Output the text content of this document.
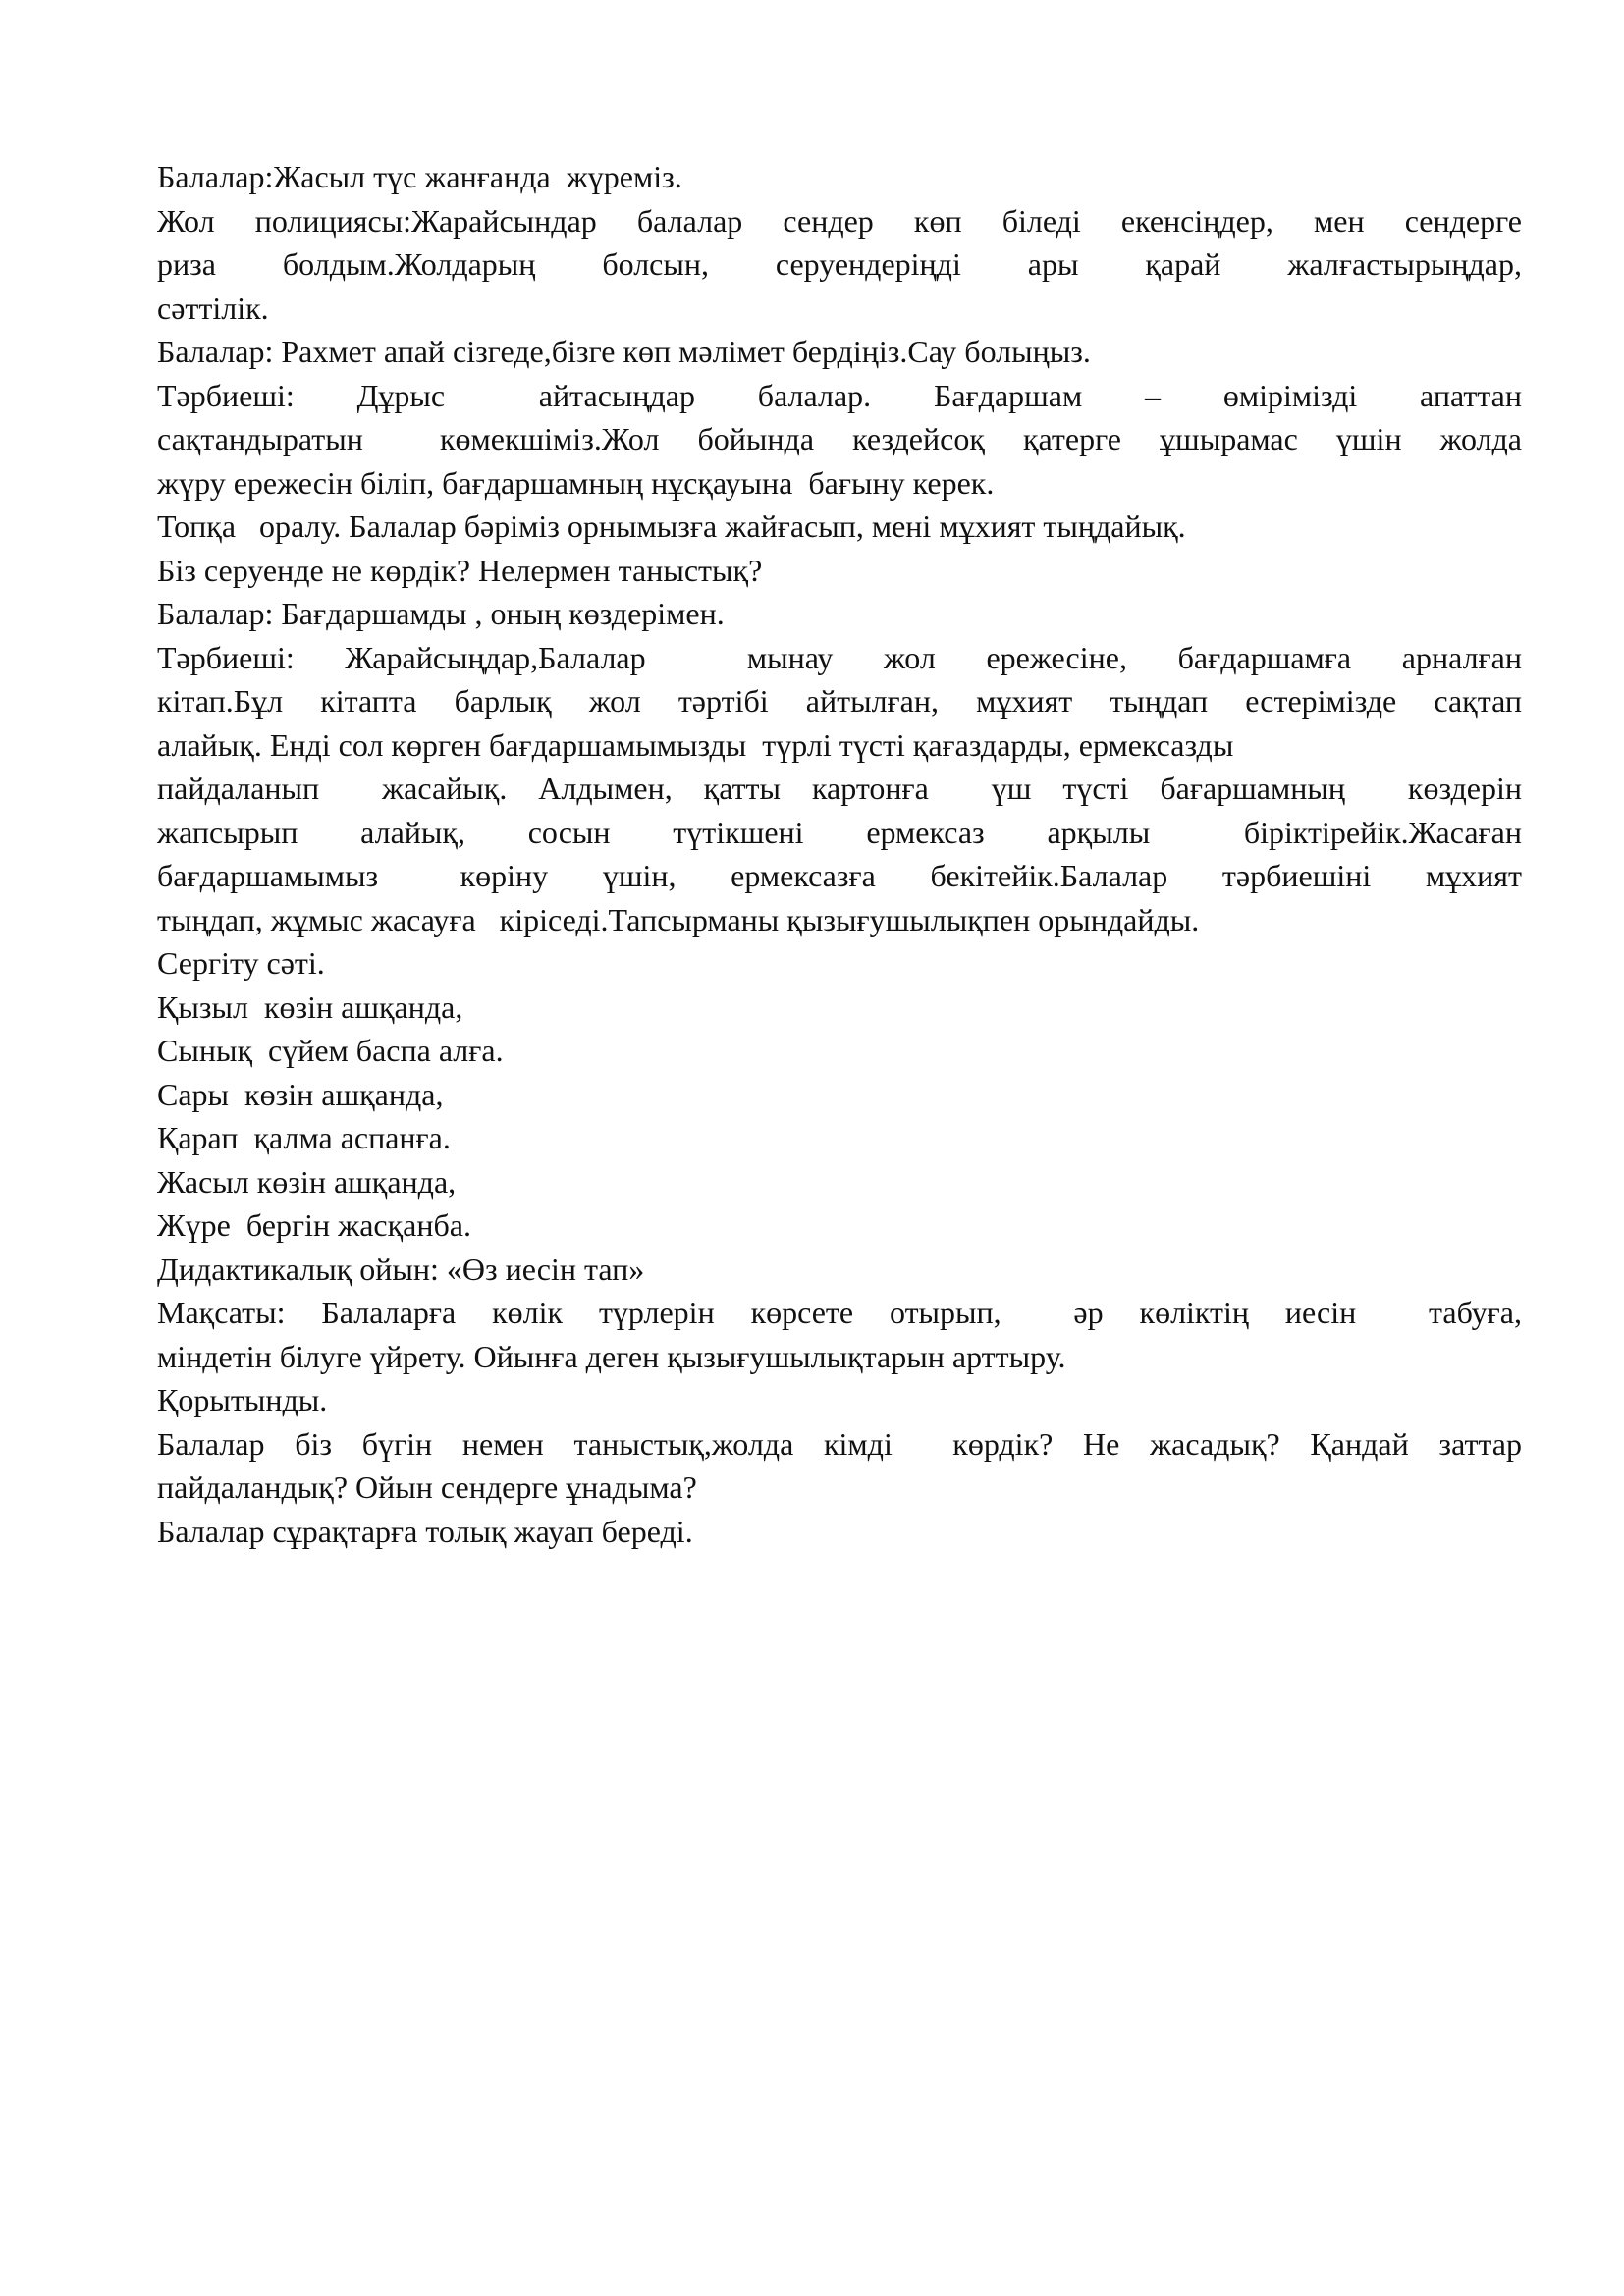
Балалар:Жасыл түс жанғанда  жүреміз.
Жол полициясы:Жарайсындар балалар сендер көп біледі екенсіңдер, мен сендерге
риза  болдым.Жолдарың  болсын,  серуендеріңді  ары  қарай  жалғастырыңдар,
сәттілік.
Балалар: Рахмет апай сізгеде,бізге көп мәлімет бердіңіз.Сау болыңыз.
Тәрбиеші:  Дұрыс   айтасыңдар  балалар.  Бағдаршам  –  өмірімізді  апаттан
сақтандыратын  көмекшіміз.Жол бойында кездейсоқ қатерге ұшырамас үшін жолда
жүру ережесін біліп, бағдаршамның нұсқауына  бағыну керек.
Топқа   оралу. Балалар бәріміз орнымызға жайғасып, мені мұхият тыңдайық.
Біз серуенде не көрдік? Нелермен таныстық?
Балалар: Бағдаршамды , оның көздерімен.
Тәрбиеші: Жарайсыңдар,Балалар  мынау жол ережесіне, бағдаршамға арналған
кітап.Бұл кітапта барлық жол тәртібі айтылған, мұхият тыңдап естерімізде сақтап
алайық. Енді сол көрген бағдаршамымызды  түрлі түсті қағаздарды, ермексазды
пайдаланып  жасайық. Алдымен, қатты картонға  үш түсті бағаршамның  көздерін
жапсырып  алайық,  сосын  түтікшені  ермексаз  арқылы   біріктірейік.Жасаған
бағдаршамымыз   көріну  үшін,  ермексазға  бекітейік.Балалар  тәрбиешіні  мұхият
тыңдап, жұмыс жасауға   кіріседі.Тапсырманы қызығушылықпен орындайды.
Сергіту сәті.
Қызыл  көзін ашқанда,
Сынық  сүйем баспа алға.
Сары  көзін ашқанда,
Қарап  қалма аспанға.
Жасыл көзін ашқанда,
Жүре  бергін жасқанба.
Дидактикалық ойын: «Өз иесін тап»
Мақсаты: Балаларға көлік түрлерін көрсете отырып,  әр көліктің иесін  табуға,
міндетін білуге үйрету. Ойынға деген қызығушылықтарын арттыру.
Қорытынды.
Балалар біз бүгін немен таныстық,жолда кімді  көрдік? Не жасадық? Қандай заттар
пайдаландық? Ойын сендерге ұнадыма?
Балалар сұрақтарға толық жауап береді.
